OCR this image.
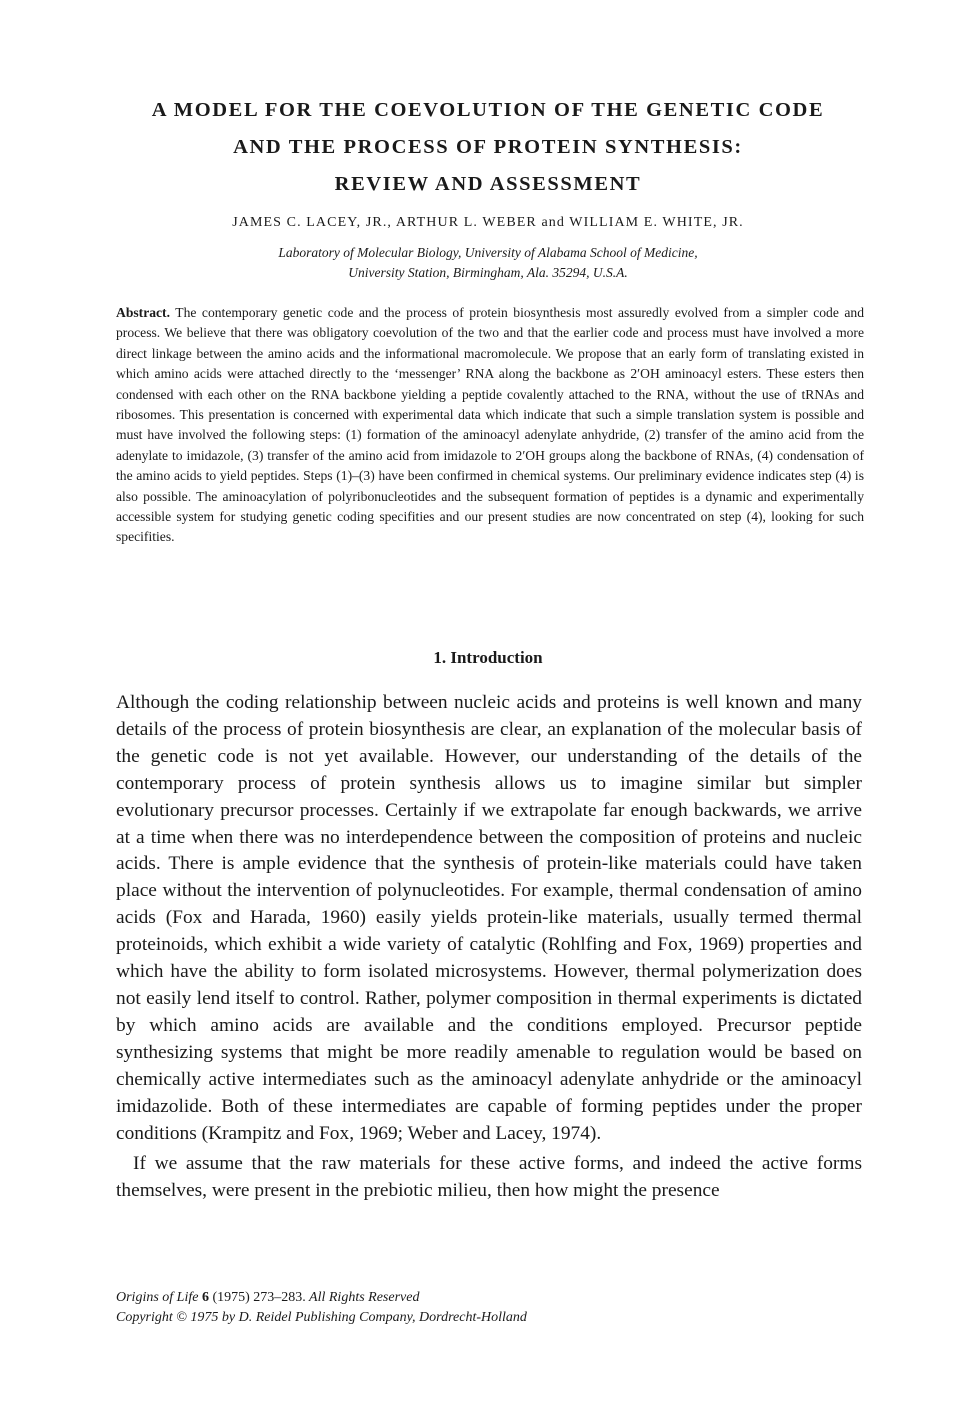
A MODEL FOR THE COEVOLUTION OF THE GENETIC CODE
AND THE PROCESS OF PROTEIN SYNTHESIS:
REVIEW AND ASSESSMENT
JAMES C. LACEY, JR., ARTHUR L. WEBER and WILLIAM E. WHITE, JR.
Laboratory of Molecular Biology, University of Alabama School of Medicine,
University Station, Birmingham, Ala. 35294, U.S.A.
Abstract. The contemporary genetic code and the process of protein biosynthesis most assuredly evolved from a simpler code and process. We believe that there was obligatory coevolution of the two and that the earlier code and process must have involved a more direct linkage between the amino acids and the informational macromolecule. We propose that an early form of translating existed in which amino acids were attached directly to the ‘messenger’ RNA along the backbone as 2′OH aminoacyl esters. These esters then condensed with each other on the RNA backbone yielding a peptide covalently attached to the RNA, without the use of tRNAs and ribosomes. This presentation is concerned with experimental data which indicate that such a simple translation system is possible and must have involved the following steps: (1) formation of the aminoacyl adenylate anhydride, (2) transfer of the amino acid from the adenylate to imidazole, (3) transfer of the amino acid from imidazole to 2′OH groups along the backbone of RNAs, (4) condensation of the amino acids to yield peptides. Steps (1)–(3) have been confirmed in chemical systems. Our preliminary evidence indicates step (4) is also possible. The aminoacylation of polyribonucleotides and the subsequent formation of peptides is a dynamic and experimentally accessible system for studying genetic coding specifities and our present studies are now concentrated on step (4), looking for such specifities.
1. Introduction

Although the coding relationship between nucleic acids and proteins is well known and many details of the process of protein biosynthesis are clear, an explanation of the molecular basis of the genetic code is not yet available. However, our understanding of the details of the contemporary process of protein synthesis allows us to imagine similar but simpler evolutionary precursor processes. Certainly if we extrapolate far enough backwards, we arrive at a time when there was no interdependence between the composition of proteins and nucleic acids. There is ample evidence that the synthesis of protein-like materials could have taken place without the intervention of polynucleotides. For example, thermal condensation of amino acids (Fox and Harada, 1960) easily yields protein-like materials, usually termed thermal proteinoids, which exhibit a wide variety of catalytic (Rohlfing and Fox, 1969) properties and which have the ability to form isolated microsystems. However, thermal polymerization does not easily lend itself to control. Rather, polymer composition in thermal experiments is dictated by which amino acids are available and the conditions employed. Precursor peptide synthesizing systems that might be more readily amenable to regulation would be based on chemically active intermediates such as the aminoacyl adenylate anhydride or the aminoacyl imidazolide. Both of these intermediates are capable of forming peptides under the proper conditions (Krampitz and Fox, 1969; Weber and Lacey, 1974).

If we assume that the raw materials for these active forms, and indeed the active forms themselves, were present in the prebiotic milieu, then how might the presence

Origins of Life 6 (1975) 273–283. All Rights Reserved
Copyright © 1975 by D. Reidel Publishing Company, Dordrecht-Holland
